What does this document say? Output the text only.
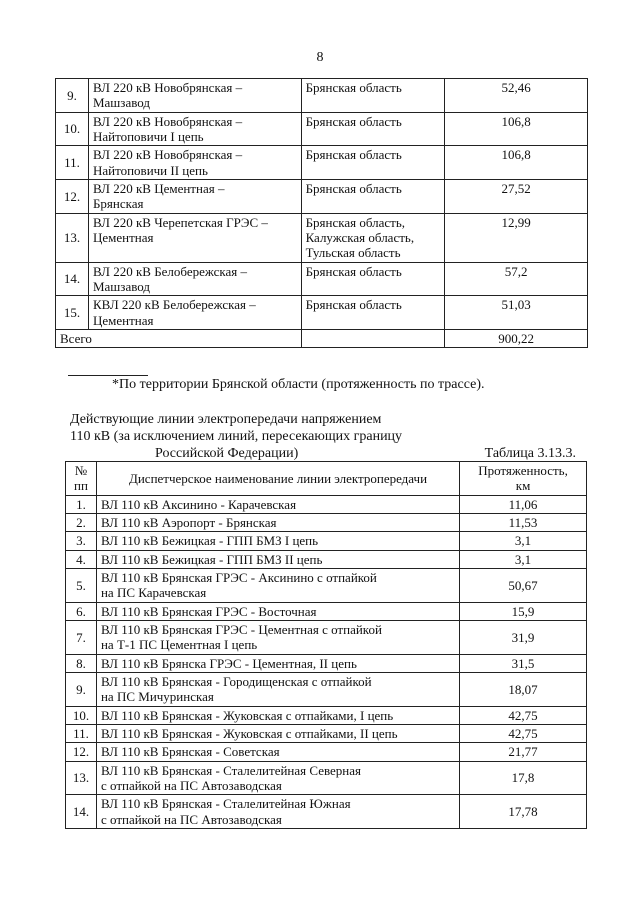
8
9.	ВЛ 220 кВ Новобрянская –
Машзавод	Брянская область	52,46
10.	ВЛ 220 кВ Новобрянская –
Найтоповичи I цепь	Брянская область	106,8
11.	ВЛ 220 кВ Новобрянская –
Найтоповичи II цепь	Брянская область	106,8
12.	ВЛ 220 кВ Цементная –
Брянская	Брянская область	27,52
13.	ВЛ 220 кВ Черепетская ГРЭС –
Цементная	Брянская область,
Калужская область,
Тульская область	12,99
14.	ВЛ 220 кВ Белобережская –
Машзавод	Брянская область	57,2
15.	КВЛ 220 кВ Белобережская –
Цементная	Брянская область	51,03
Всего			900,22
*По территории Брянской области (протяженность по трассе).
Действующие линии электропередачи напряжением
110 кВ (за исключением линий, пересекающих границу
Российской Федерации)	Таблица 3.13.3.
№
пп	Диспетчерское наименование линии электропередачи	Протяженность,
км
1.	ВЛ 110 кВ Аксинино - Карачевская	11,06
2.	ВЛ 110 кВ Аэропорт - Брянская	11,53
3.	ВЛ 110 кВ Бежицкая - ГПП БМЗ I цепь	3,1
4.	ВЛ 110 кВ Бежицкая - ГПП БМЗ II цепь	3,1
5.	ВЛ 110 кВ Брянская ГРЭС - Аксинино с отпайкой
на ПС Карачевская	50,67
6.	ВЛ 110 кВ Брянская ГРЭС - Восточная	15,9
7.	ВЛ 110 кВ Брянская ГРЭС - Цементная с отпайкой
на Т-1 ПС Цементная I цепь	31,9
8.	ВЛ 110 кВ Брянска ГРЭС - Цементная, II цепь	31,5
9.	ВЛ 110 кВ Брянская - Городищенская с отпайкой
на ПС Мичуринская	18,07
10.	ВЛ 110 кВ Брянская - Жуковская с отпайками, I цепь	42,75
11.	ВЛ 110 кВ Брянская - Жуковская с отпайками, II цепь	42,75
12.	ВЛ 110 кВ Брянская - Советская	21,77
13.	ВЛ 110 кВ Брянская - Сталелитейная Северная
с отпайкой на ПС Автозаводская	17,8
14.	ВЛ 110 кВ Брянская - Сталелитейная Южная
с отпайкой на ПС Автозаводская	17,78
